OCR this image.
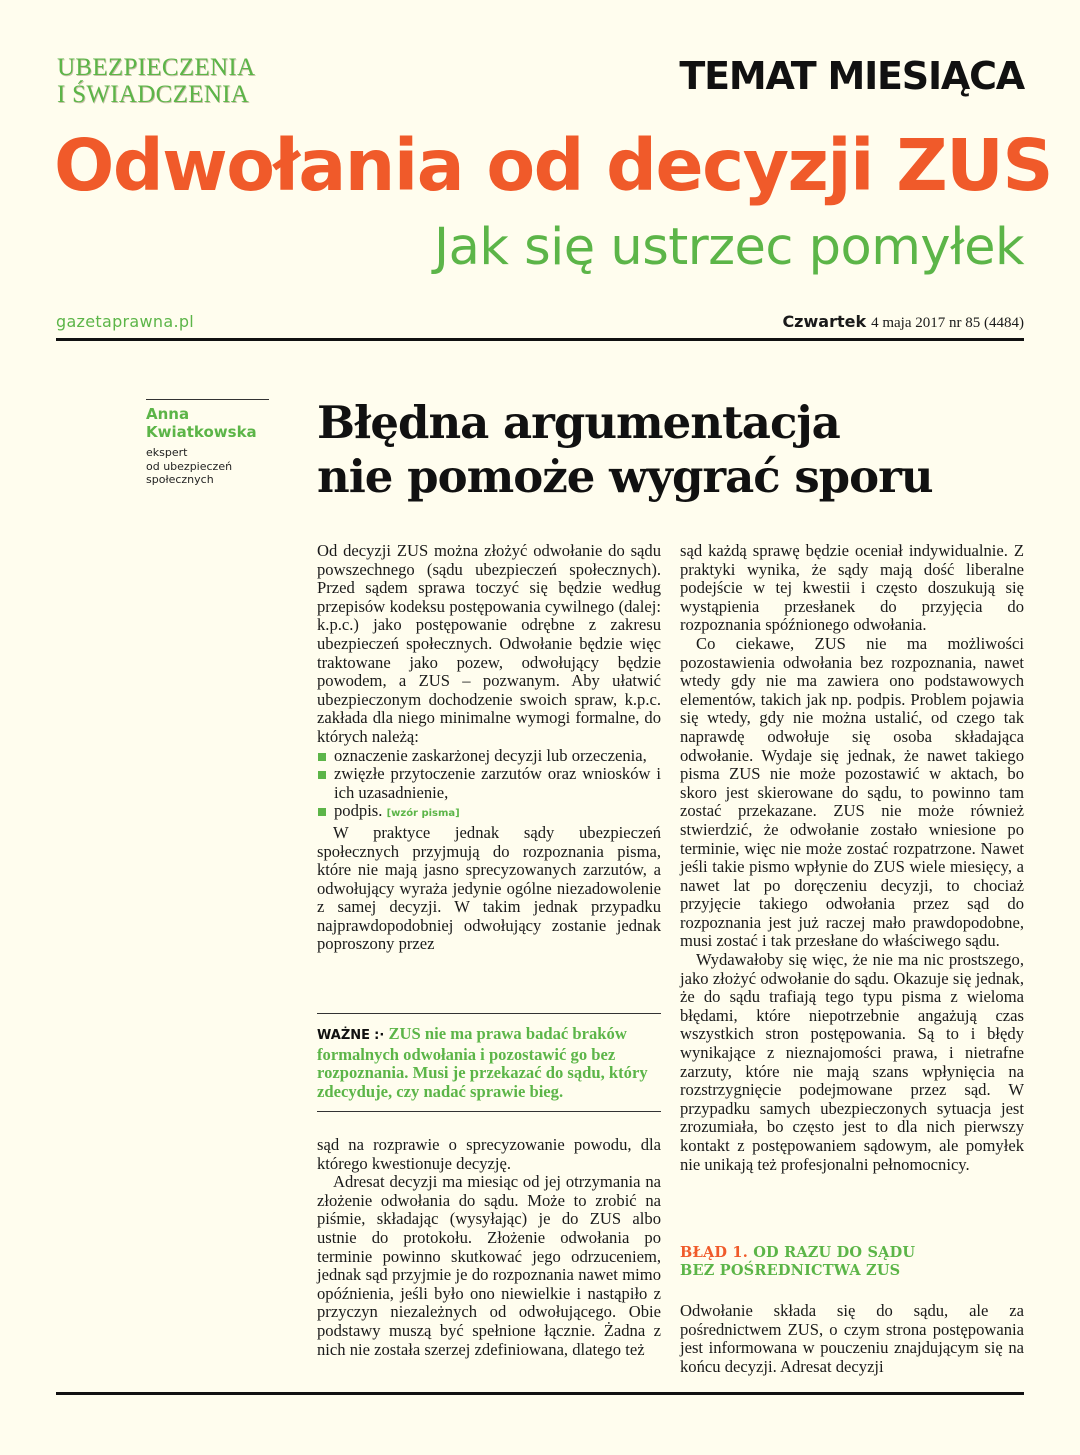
UBEZPIECZENIA
I ŚWIADCZENIA	TEMAT MIESIĄCA
Odwołania od decyzji ZUS
Jak się ustrzec pomyłek
gazetaprawna.pl	Czwartek 4 maja 2017 nr 85 (4484)
Anna
Kwiatkowska
ekspert
od ubezpieczeń
społecznych
Błędna argumentacja
nie pomoże wygrać sporu

Od decyzji ZUS można złożyć odwołanie do sądu powszechnego (sądu ubezpieczeń społecznych). Przed sądem sprawa toczyć się będzie według przepisów kodeksu postępowania cywilnego (dalej: k.p.c.) jako postępowanie odrębne z zakresu ubezpieczeń społecznych. Odwołanie będzie więc traktowane jako pozew, odwołujący będzie powodem, a ZUS – pozwanym. Aby ułatwić ubezpieczonym dochodzenie swoich spraw, k.p.c. zakłada dla niego minimalne wymogi formalne, do których należą:

oznaczenie zaskarżonej decyzji lub orzeczenia,
zwięzłe przytoczenie zarzutów oraz wniosków i ich uzasadnienie,
podpis. [wzór pisma]

W praktyce jednak sądy ubezpieczeń społecznych przyjmują do rozpoznania pisma, które nie mają jasno sprecyzowanych zarzutów, a odwołujący wyraża jedynie ogólne niezadowolenie z samej decyzji. W takim jednak przypadku najprawdopodobniej odwołujący zostanie jednak poproszony przez

WAŻNE :· ZUS nie ma prawa badać braków formalnych odwołania i pozostawić go bez rozpoznania. Musi je przekazać do sądu, który zdecyduje, czy nadać sprawie bieg.

sąd na rozprawie o sprecyzowanie powodu, dla którego kwestionuje decyzję.

Adresat decyzji ma miesiąc od jej otrzymania na złożenie odwołania do sądu. Może to zrobić na piśmie, składając (wysyłając) je do ZUS albo ustnie do protokołu. Złożenie odwołania po terminie powinno skutkować jego odrzuceniem, jednak sąd przyjmie je do rozpoznania nawet mimo opóźnienia, jeśli było ono niewielkie i nastąpiło z przyczyn niezależnych od odwołującego. Obie podstawy muszą być spełnione łącznie. Żadna z nich nie została szerzej zdefiniowana, dlatego też

sąd każdą sprawę będzie oceniał indywidualnie. Z praktyki wynika, że sądy mają dość liberalne podejście w tej kwestii i często doszukują się wystąpienia przesłanek do przyjęcia do rozpoznania spóźnionego odwołania.

Co ciekawe, ZUS nie ma możliwości pozostawienia odwołania bez rozpoznania, nawet wtedy gdy nie ma zawiera ono podstawowych elementów, takich jak np. podpis. Problem pojawia się wtedy, gdy nie można ustalić, od czego tak naprawdę odwołuje się osoba składająca odwołanie. Wydaje się jednak, że nawet takiego pisma ZUS nie może pozostawić w aktach, bo skoro jest skierowane do sądu, to powinno tam zostać przekazane. ZUS nie może również stwierdzić, że odwołanie zostało wniesione po terminie, więc nie może zostać rozpatrzone. Nawet jeśli takie pismo wpłynie do ZUS wiele miesięcy, a nawet lat po doręczeniu decyzji, to chociaż przyjęcie takiego odwołania przez sąd do rozpoznania jest już raczej mało prawdopodobne, musi zostać i tak przesłane do właściwego sądu.

Wydawałoby się więc, że nie ma nic prostszego, jako złożyć odwołanie do sądu. Okazuje się jednak, że do sądu trafiają tego typu pisma z wieloma błędami, które niepotrzebnie angażują czas wszystkich stron postępowania. Są to i błędy wynikające z nieznajomości prawa, i nietrafne zarzuty, które nie mają szans wpłynięcia na rozstrzygnięcie podejmowane przez sąd. W przypadku samych ubezpieczonych sytuacja jest zrozumiała, bo często jest to dla nich pierwszy kontakt z postępowaniem sądowym, ale pomyłek nie unikają też profesjonalni pełnomocnicy.

BŁĄD 1. OD RAZU DO SĄDU
BEZ POŚREDNICTWA ZUS

Odwołanie składa się do sądu, ale za pośrednictwem ZUS, o czym strona postępowania jest informowana w pouczeniu znajdującym się na końcu decyzji. Adresat decyzji
